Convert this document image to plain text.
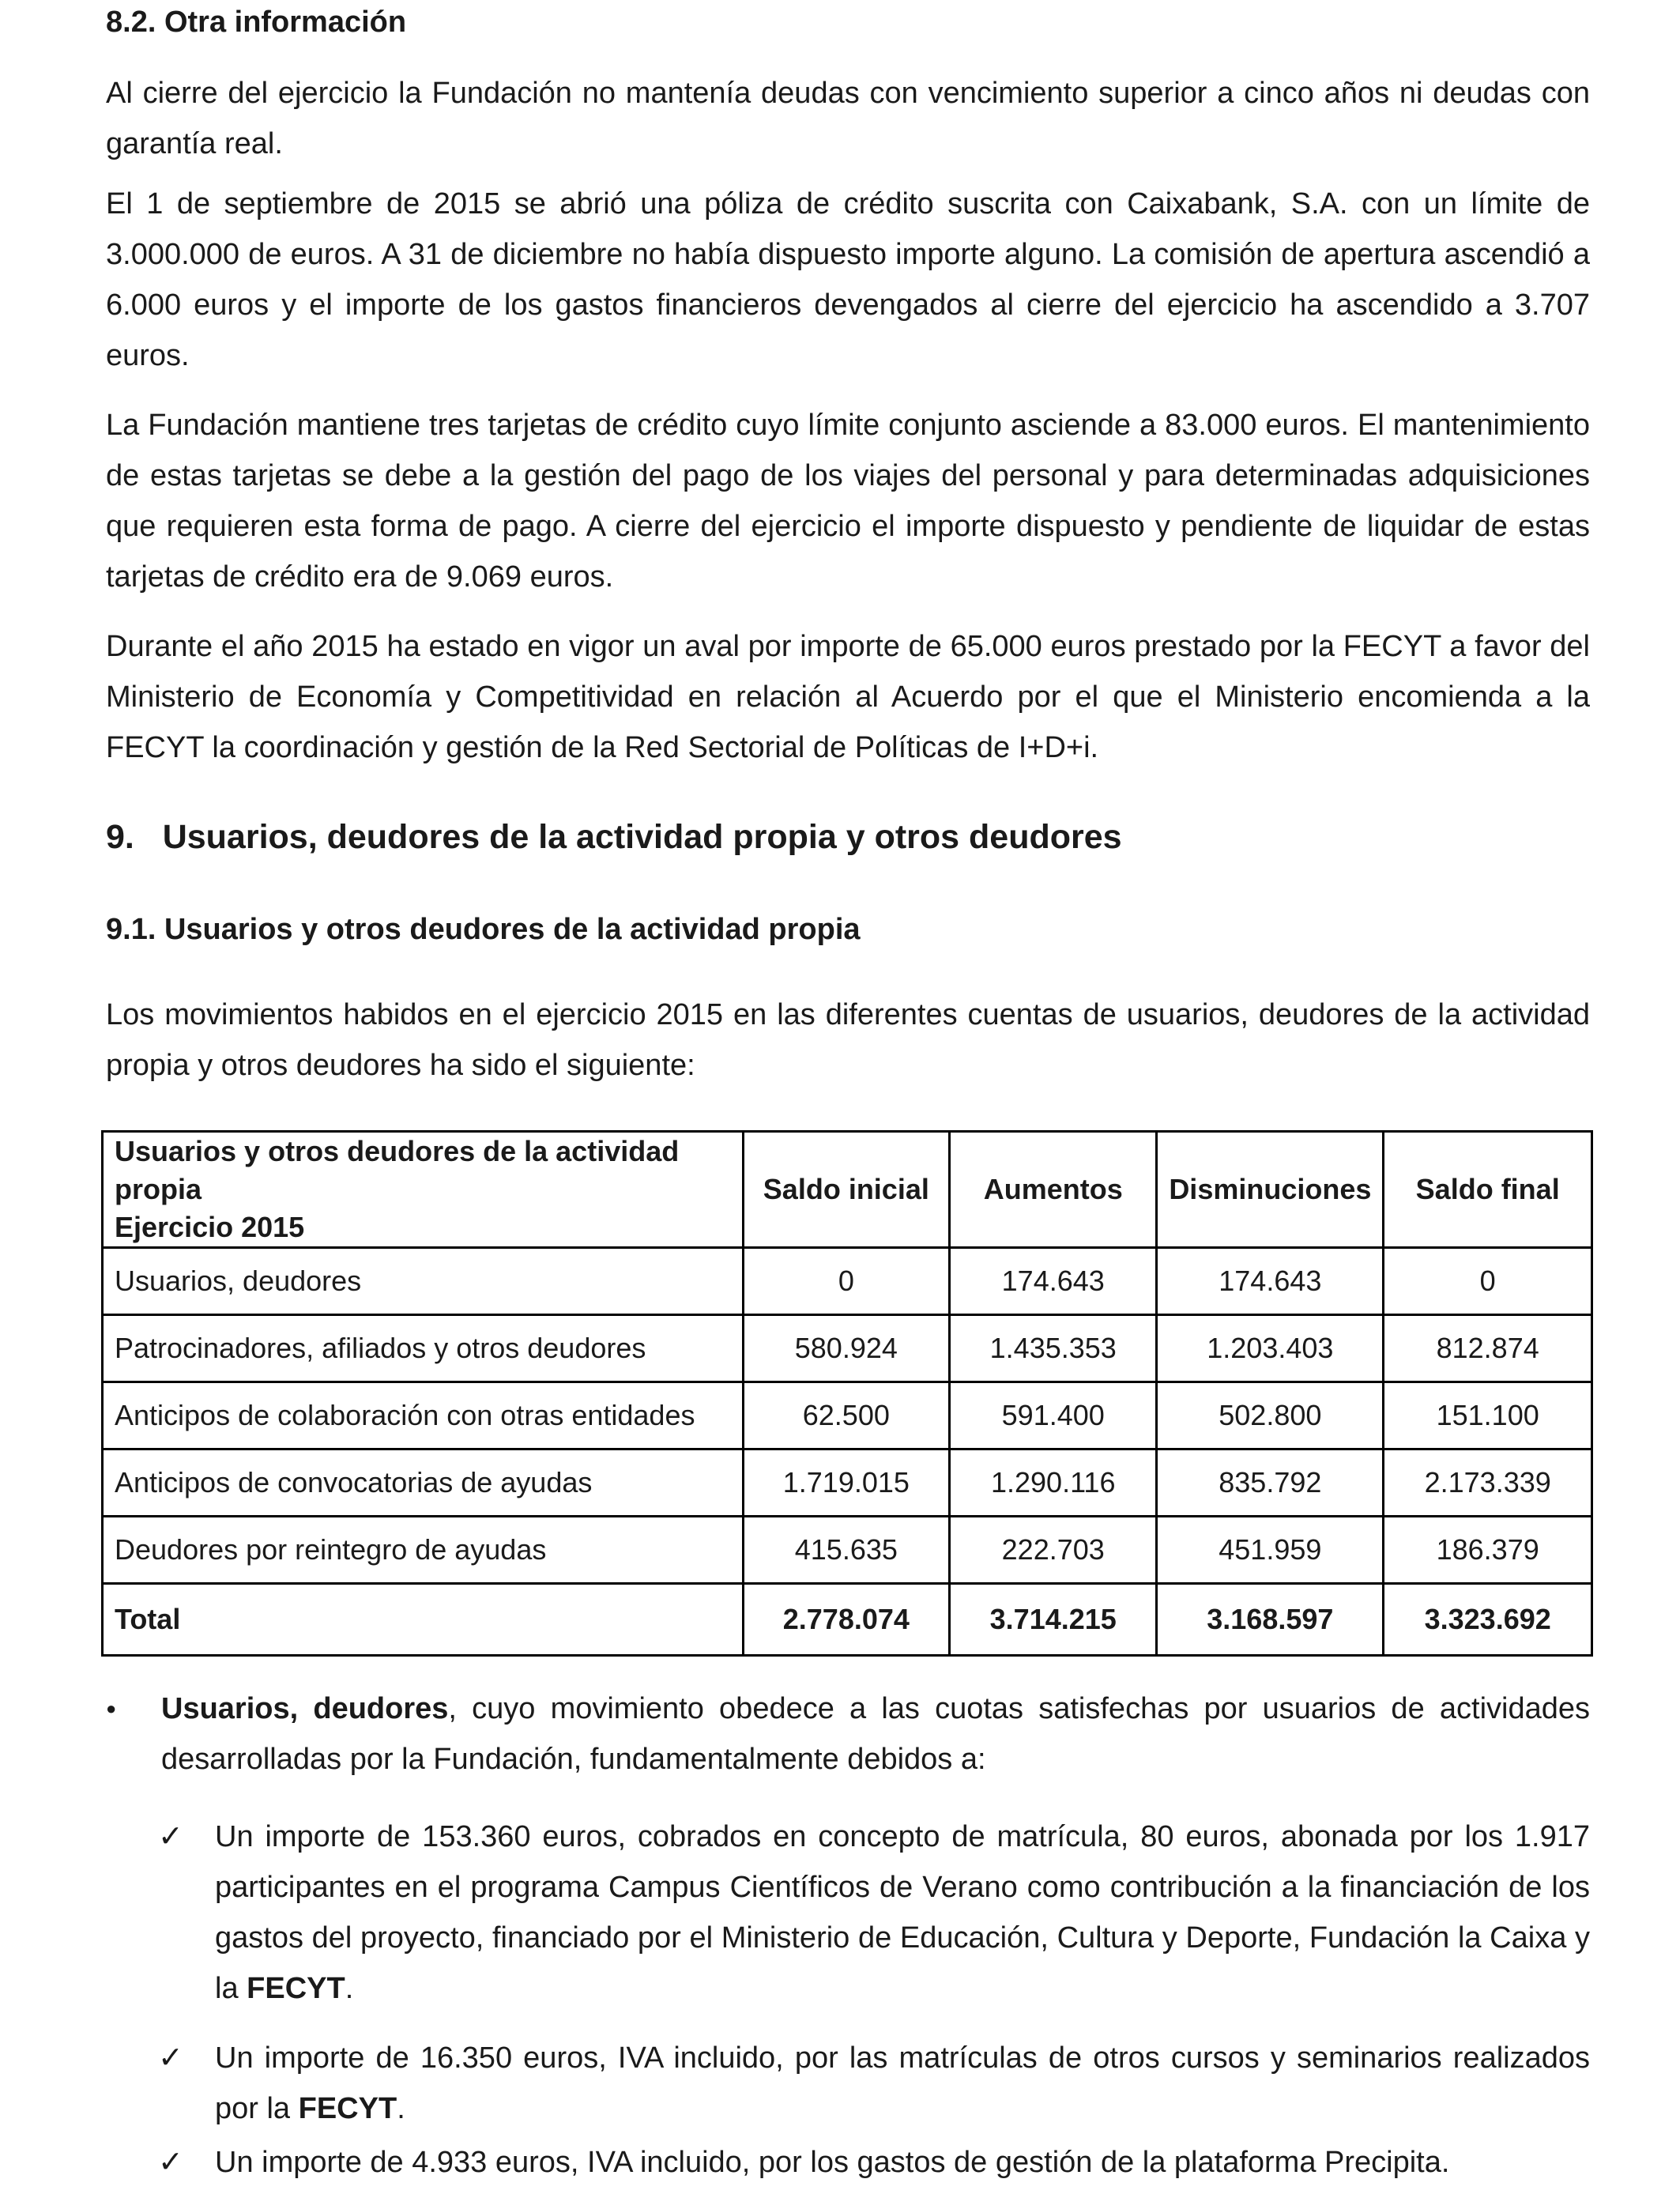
8.2. Otra información

Al cierre del ejercicio la Fundación no mantenía deudas con vencimiento superior a cinco años ni deudas con garantía real.

El 1 de septiembre de 2015 se abrió una póliza de crédito suscrita con Caixabank, S.A. con un límite de 3.000.000 de euros. A 31 de diciembre no había dispuesto importe alguno. La comisión de apertura ascendió a 6.000 euros y el importe de los gastos financieros devengados al cierre del ejercicio ha ascendido a 3.707 euros.

La Fundación mantiene tres tarjetas de crédito cuyo límite conjunto asciende a 83.000 euros. El mantenimiento de estas tarjetas se debe a la gestión del pago de los viajes del personal y para determinadas adquisiciones que requieren esta forma de pago. A cierre del ejercicio el importe dispuesto y pendiente de liquidar de estas tarjetas de crédito era de 9.069 euros.

Durante el año 2015 ha estado en vigor un aval por importe de 65.000 euros prestado por la FECYT a favor del Ministerio de Economía y Competitividad en relación al Acuerdo por el que el Ministerio encomienda a la FECYT la coordinación y gestión de la Red Sectorial de Políticas de I+D+i.

9.   Usuarios, deudores de la actividad propia y otros deudores

9.1. Usuarios y otros deudores de la actividad propia

Los movimientos habidos en el ejercicio 2015 en las diferentes cuentas de usuarios, deudores de la actividad propia y otros deudores ha sido el siguiente:

Usuarios y otros deudores de la actividad propia
Ejercicio 2015	Saldo inicial	Aumentos	Disminuciones	Saldo final
Usuarios, deudores	0	174.643	174.643	0
Patrocinadores, afiliados y otros deudores	580.924	1.435.353	1.203.403	812.874
Anticipos de colaboración con otras entidades	62.500	591.400	502.800	151.100
Anticipos de convocatorias de ayudas	1.719.015	1.290.116	835.792	2.173.339
Deudores por reintegro de ayudas	415.635	222.703	451.959	186.379
Total	2.778.074	3.714.215	3.168.597	3.323.692
● Usuarios, deudores, cuyo movimiento obedece a las cuotas satisfechas por usuarios de actividades desarrolladas por la Fundación, fundamentalmente debidos a:

✓ Un importe de 153.360 euros, cobrados en concepto de matrícula, 80 euros, abonada por los 1.917 participantes en el programa Campus Científicos de Verano como contribución a la financiación de los gastos del proyecto, financiado por el Ministerio de Educación, Cultura y Deporte, Fundación la Caixa y la FECYT.

✓ Un importe de 16.350 euros, IVA incluido, por las matrículas de otros cursos y seminarios realizados por la FECYT.

✓ Un importe de 4.933 euros, IVA incluido, por los gastos de gestión de la plataforma Precipita.
